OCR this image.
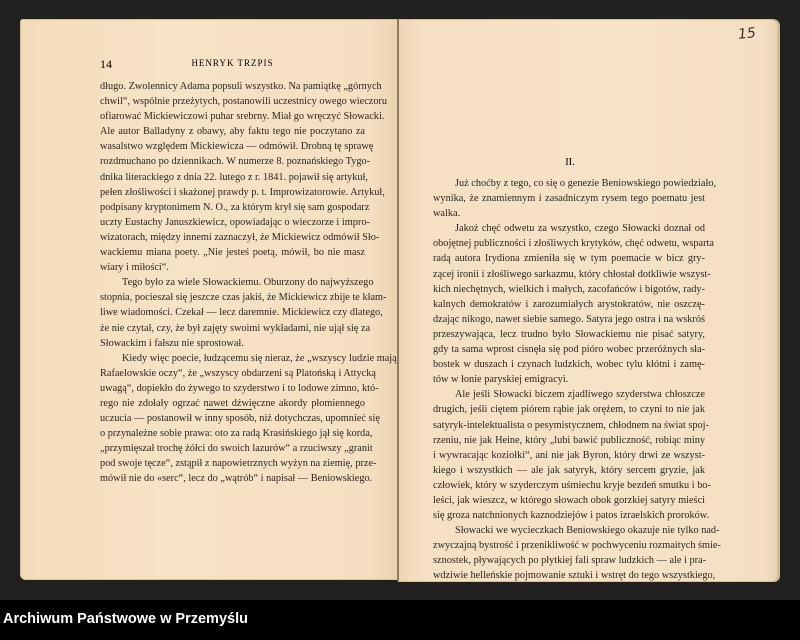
14	HENRYK TRZPIS
15
długo. Zwolennicy Adama popsuli wszystko. Na pamiątkę „górnych
chwil“, wspólnie przeżytych, postanowili uczestnicy owego wieczoru
ofiarować Mickiewiczowi puhar srebrny. Miał go wręczyć Słowacki.
Ale autor Balladyny z obawy, aby faktu tego nie poczytano za
wasalstwo względem Mickiewicza — odmówił. Drobną tę sprawę
rozdmuchano po dziennikach. W numerze 8. poznańskiego Tygo-
dnika literackiego z dnia 22. lutego z r. 1841. pojawił się artykuł,
pełen złośliwości i skażonej prawdy p. t. Improwizatorowie. Artykuł,
podpisany kryptonimem N. O., za którym krył się sam gospodarz
uczty Eustachy Januszkiewicz, opowiadając o wieczorze i impro-
wizatorach, między innemi zaznaczył, że Mickiewicz odmówił Sło-
wackiemu miana poety. „Nie jesteś poetą, mówił, bo nie masz
wiary i miłości“.
Tego było za wiele Słowackiemu. Oburzony do najwyższego
stopnia, pocieszał się jeszcze czas jakiś, że Mickiewicz zbije te kłam-
liwe wiadomości. Czekał — lecz daremnie. Mickiewicz czy dlatego,
że nie czytał, czy, że był zajęty swoimi wykładami, nie ujął się za
Słowackim i fałszu nie sprostował.
Kiedy więc poecie, łudzącemu się nieraz, że „wszyscy ludzie mają
Rafaelowskie oczy“, że „wszyscy obdarzeni są Platońską i Attycką
uwagą“, dopiekło do żywego to szyderstwo i to lodowe zimno, któ-
rego nie zdołały ogrzać nawet dźwięczne akordy płomiennego
uczucia — postanowił w inny sposób, niż dotychczas, upomnieć się
o przynależne sobie prawa: oto za radą Krasińskiego jął się korda,
„przymięszał trochę żółci do swoich lazurów“ a rzuciwszy „granit
pod swoje tęcze“, zstąpił z napowietrznych wyżyn na ziemię, prze-
mówił nie do «serc“, lecz do „wątrób“ i napisał — Beniowskiego.
II.
Już choćby z tego, co się o genezie Beniowskiego powiedziało,
wynika, że znamiennym i zasadniczym rysem tego poematu jest
walka.
Jakoż chęć odwetu za wszystko, czego Słowacki doznał od
obojętnej publiczności i złośliwych krytyków, chęć odwetu, wsparta
radą autora Irydiona zmieniła się w tym poemacie w bicz gry-
zącej ironii i złośliwego sarkazmu, który chłostał dotkliwie wszyst-
kich niechętnych, wielkich i małych, zacofańców i bigotów, rady-
kalnych demokratów i zarozumiałych arystokratów, nie oszczę-
dzając nikogo, nawet siebie samego. Satyra jego ostra i na wskróś
przeszywająca, lecz trudno było Słowackiemu nie pisać satyry,
gdy ta sama wprost cisnęła się pod pióro wobec przeróżnych sła-
bostek w duszach i czynach ludzkich, wobec tylu kłótni i zamę-
tów w łonie paryskiej emigracyi.
Ale jeśli Słowacki biczem zjadliwego szyderstwa chłoszcze
drugich, jeśli ciętem piórem rąbie jak orężem, to czyni to nie jak
satyryk-intelektualista o pesymistycznem, chłodnem na świat spoj-
rzeniu, nie jak Heine, który „lubi bawić publiczność, robiąc miny
i wywracając koziołki“, ani nie jak Byron, który drwi ze wszyst-
kiego i wszystkich — ale jak satyryk, który sercem gryzie, jak
człowiek, który w szyderczym uśmiechu kryje bezdeń smutku i bo-
leści, jak wieszcz, w którego słowach obok gorzkiej satyry mieści
się groza natchnionych kaznodziejów i patos izraelskich proroków.
Słowacki we wycieczkach Beniowskiego okazuje nie tylko nad-
zwyczajną bystrość i przenikliwość w pochwyceniu rozmaitych śmie-
sznostek, pływających po płytkiej fali spraw ludzkich — ale i pra-
wdziwie helleńskie pojmowanie sztuki i wstręt do tego wszystkiego,
co niegodne, co poniżające, co brzydkie. Jako człowiek jest idea-
Archiwum Państwowe w Przemyślu
